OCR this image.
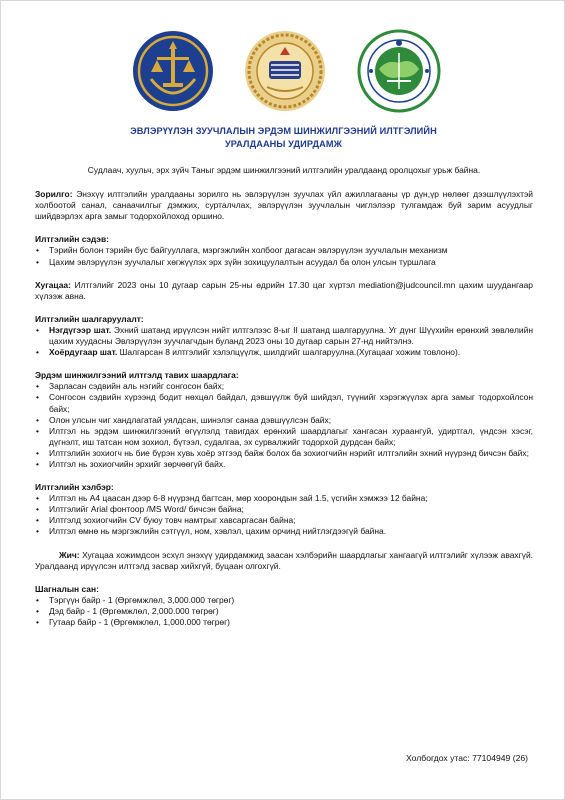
ЭВЛЭРҮҮЛЭН ЗУУЧЛАЛЫН ЭРДЭМ ШИНЖИЛГЭЭНИЙ ИЛТГЭЛИЙН
УРАЛДААНЫ УДИРДАМЖ

Судлаач, хуульч, эрх зүйч Таныг эрдэм шинжилгээний илтгэлийн уралдаанд оролцохыг урьж байна.

Зорилго: Энэхүү илтгэлийн уралдааны зорилго нь эвлэрүүлэн зуучлах үйл ажиллагааны үр дүн,үр нөлөөг дээшлүүлэхтэй холбоотой санал, санаачилгыг дэмжих, сурталчлах, эвлэрүүлэн зуучлалын чиглэлээр тулгамдаж буй зарим асуудлыг шийдвэрлэх арга замыг тодорхойлоход оршино.

Илтгэлийн сэдэв:

• Тэрийн болон тэрийн бус байгууллага, мэргэжлийн холбоог дагасан эвлэрүүлэн зуучлалын механизм
• Цахим эвлэрүүлэн зуучлалыг хөгжүүлэх эрх зүйн зохицуулалтын асуудал ба олон улсын туршлага

Хугацаа: Илтгэлийг 2023 оны 10 дугаар сарын 25-ны өдрийн 17.30 цаг хүртэл mediation@judcouncil.mn цахим шуудангаар хүлээж авна.

Илтгэлийн шалгаруулалт:

• Нэгдүгээр шат. Эхний шатанд ирүүлсэн нийт илтгэлээс 8-ыг II шатанд шалгаруулна. Уг дүнг Шүүхийн ерөнхий зөвлөлийн цахим хуудасны Эвлэрүүлэн зуучлагчдын буланд 2023 оны 10 дугаар сарын 27-нд нийтэлнэ.
• Хоёрдугаар шат. Шалгарсан 8 илтгэлийг хэлэлцүүлж, шилдгийг шалгаруулна.(Хугацааг хожим товлоно).

Эрдэм шинжилгээний илтгэлд тавих шаардлага:

• Зарласан сэдвийн аль нэгийг сонгосон байх;
• Сонгосон сэдвийн хүрээнд бодит нөхцөл байдал, дэвшүүлж буй шийдэл, түүнийг хэрэгжүүлэх арга замыг тодорхойлсон байх;
• Олон улсын чиг хандлагатай уялдсан, шинэлэг санаа дэвшүүлсэн байх;
• Илтгэл нь эрдэм шинжилгээний өгүүлэлд тавигдах ерөнхий шаардлагыг хангасан хураангуй, удиртгал, үндсэн хэсэг, дүгнэлт, иш татсан ном зохиол, бүтээл, судалгаа, эх сурвалжийг тодорхой дурдсан байх;
• Илтгэлийн зохиогч нь бие бүрэн хувь хоёр этгээд байж болох ба зохиогчийн нэрийг илтгэлийн эхний нүүрэнд бичсэн байх;
• Илтгэл нь зохиогчийн эрхийг зөрчөөгүй байх.

Илтгэлийн хэлбэр:

• Илтгэл нь A4 цаасан дээр 6-8 нүүрэнд багтсан, мөр хоорондын зай 1.5, үсгийн хэмжээ 12 байна;
• Илтгэлийг Arial фонтоор /MS Word/ бичсэн байна;
• Илтгэлд зохиогчийн CV буюу товч намтрыг хавсаргасан байна;
• Илтгэл өмнө нь мэргэжлийн сэтгүүл, ном, хэвлэл, цахим орчинд нийтлэгдээгүй байна.

Жич: Хугацаа хожимдсон эсхүл энэхүү удирдамжид заасан хэлбэрийн шаардлагыг хангаагүй илтгэлийг хүлээж авахгүй. Уралдаанд ирүүлсэн илтгэлд засвар хийхгүй, буцаан олгохгүй.

Шагналын сан:

• Тэргүүн байр - 1 (Өргөмжлөл, 3,000.000 төгрөг)
• Дэд байр - 1 (Өргөмжлөл, 2,000.000 төгрөг)
• Гутаар байр - 1 (Өргөмжлөл, 1,000.000 төгрөг)
Холбогдох утас: 77104949 (26)
